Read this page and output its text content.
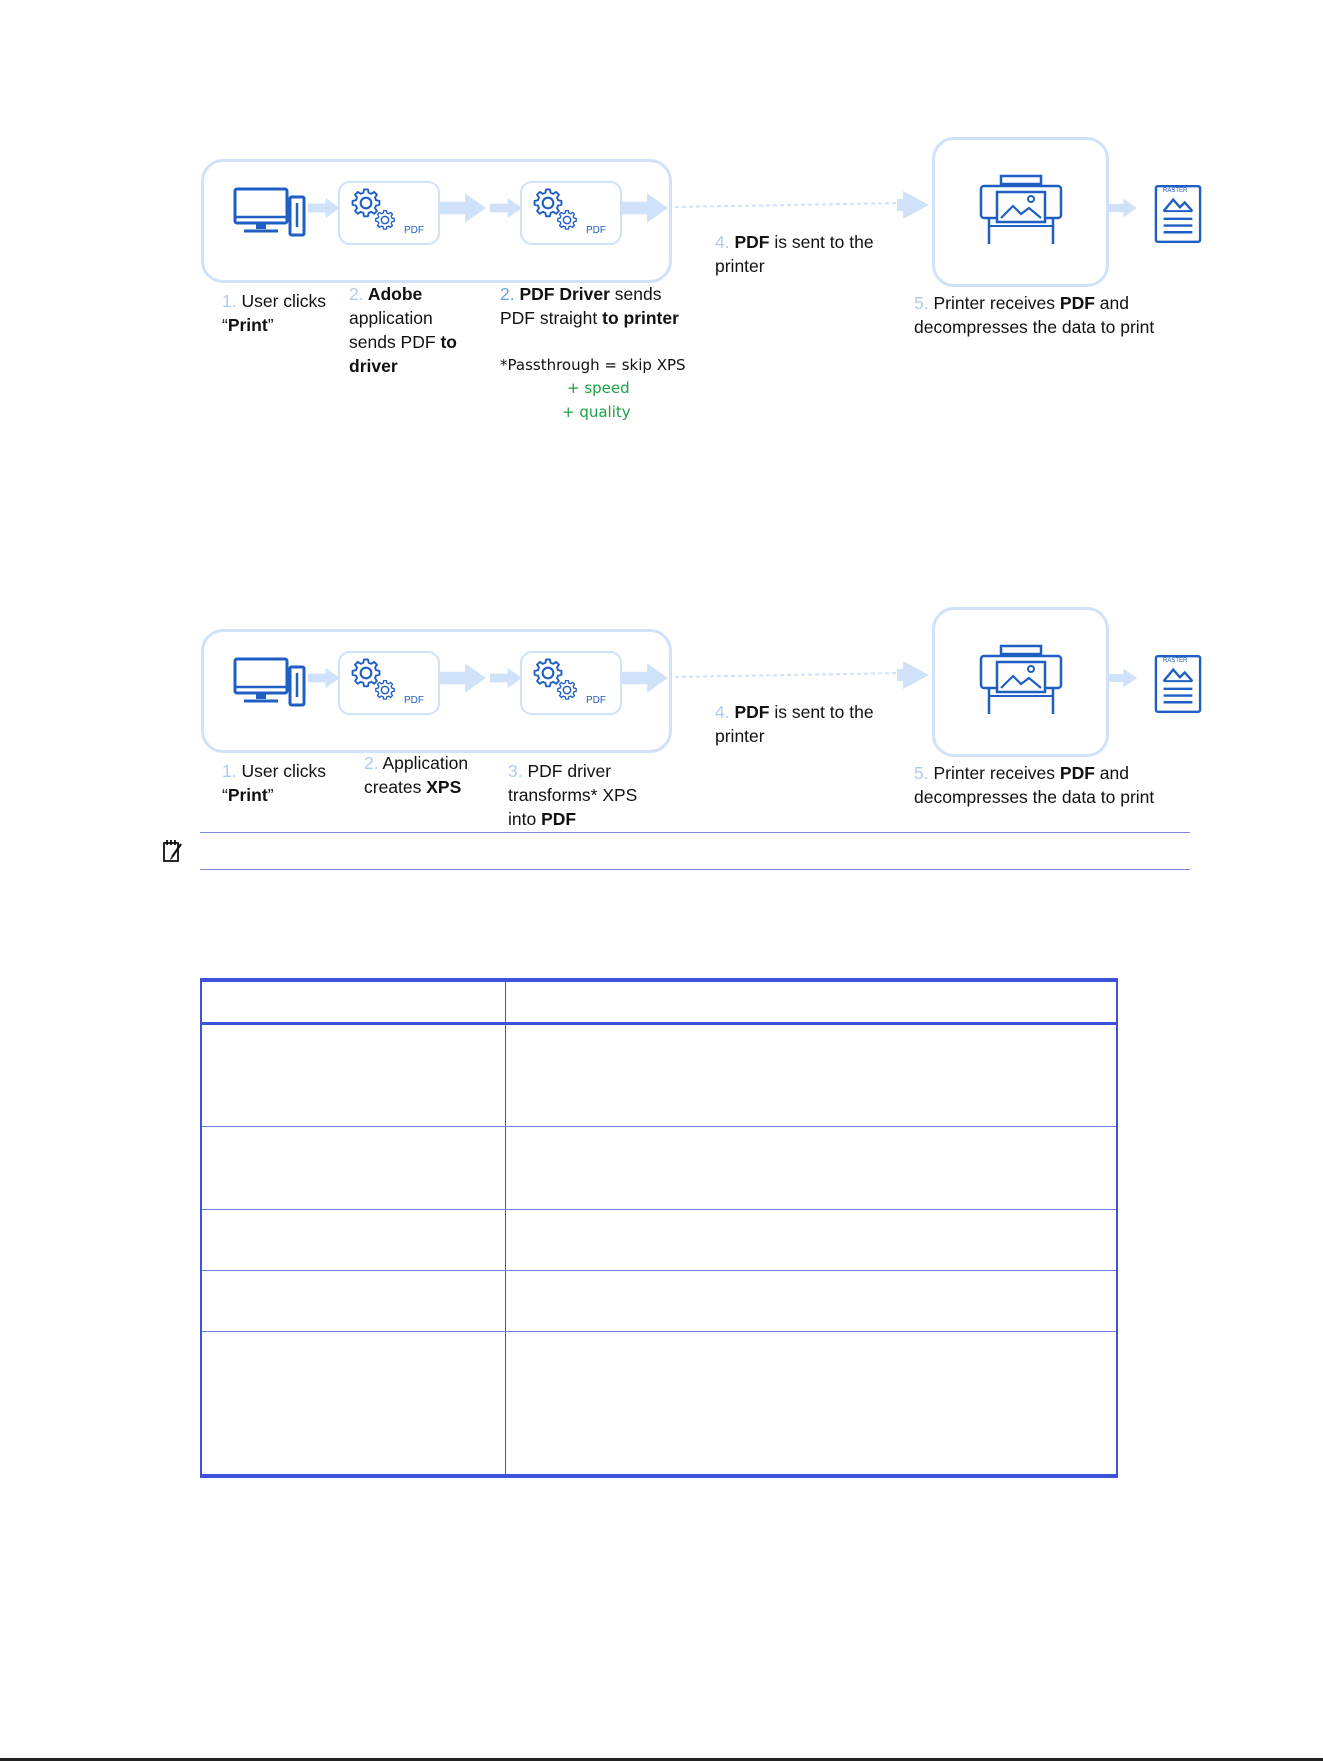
PDF	PDF
RASTER
1. User clicks
“Print”
2. Adobe
application
sends PDF to
driver
2. PDF Driver sends
PDF straight to printer
*Passthrough = skip XPS
+ speed
+ quality
4. PDF is sent to the
printer
5. Printer receives PDF and
decompresses the data to print
PDF	PDF
RASTER
1. User clicks
“Print”
2. Application
creates XPS
3. PDF driver
transforms* XPS
into PDF
4. PDF is sent to the
printer
5. Printer receives PDF and
decompresses the data to print
